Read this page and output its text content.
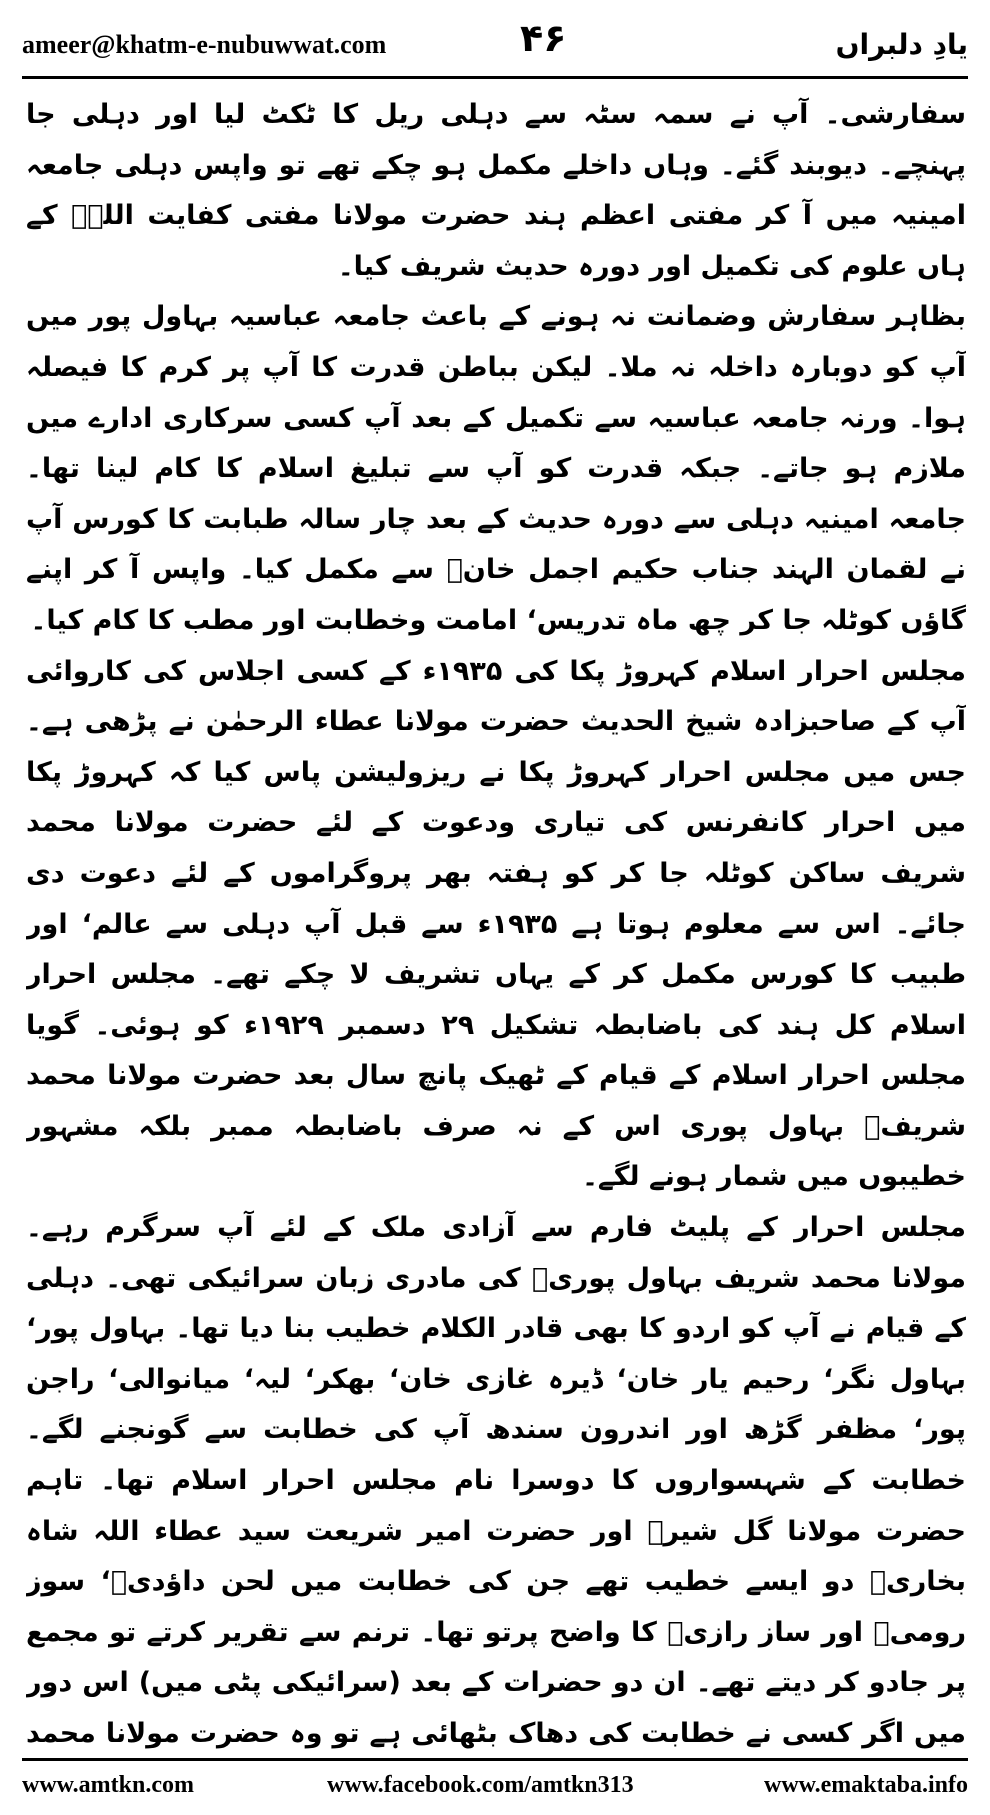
ameer@khatm-e-nubuwwat.com	۴۶	یادِ دلبراں

سفارشی۔ آپ نے سمہ سٹہ سے دہلی ریل کا ٹکٹ لیا اور دہلی جا پہنچے۔ دیوبند گئے۔ وہاں داخلے مکمل ہو چکے تھے تو واپس دہلی جامعہ امینیہ میں آ کر مفتی اعظم ہند حضرت مولانا مفتی کفایت اللہؒ کے ہاں علوم کی تکمیل اور دورہ حدیث شریف کیا۔

بظاہر سفارش وضمانت نہ ہونے کے باعث جامعہ عباسیہ بہاول پور میں آپ کو دوبارہ داخلہ نہ ملا۔ لیکن بباطن قدرت کا آپ پر کرم کا فیصلہ ہوا۔ ورنہ جامعہ عباسیہ سے تکمیل کے بعد آپ کسی سرکاری ادارے میں ملازم ہو جاتے۔ جبکہ قدرت کو آپ سے تبلیغ اسلام کا کام لینا تھا۔ جامعہ امینیہ دہلی سے دورہ حدیث کے بعد چار سالہ طبابت کا کورس آپ نے لقمان الہند جناب حکیم اجمل خانؒ سے مکمل کیا۔ واپس آ کر اپنے گاؤں کوٹلہ جا کر چھ ماہ تدریس‘ امامت وخطابت اور مطب کا کام کیا۔

مجلس احرار اسلام کہروڑ پکا کی ۱۹۳۵ء کے کسی اجلاس کی کاروائی آپ کے صاحبزادہ شیخ الحدیث حضرت مولانا عطاء الرحمٰن نے پڑھی ہے۔ جس میں مجلس احرار کہروڑ پکا نے ریزولیشن پاس کیا کہ کہروڑ پکا میں احرار کانفرنس کی تیاری ودعوت کے لئے حضرت مولانا محمد شریف ساکن کوٹلہ جا کر کو ہفتہ بھر پروگراموں کے لئے دعوت دی جائے۔ اس سے معلوم ہوتا ہے ۱۹۳۵ء سے قبل آپ دہلی سے عالم‘ اور طبیب کا کورس مکمل کر کے یہاں تشریف لا چکے تھے۔ مجلس احرار اسلام کل ہند کی باضابطہ تشکیل ۲۹ دسمبر ۱۹۲۹ء کو ہوئی۔ گویا مجلس احرار اسلام کے قیام کے ٹھیک پانچ سال بعد حضرت مولانا محمد شریفؒ بہاول پوری اس کے نہ صرف باضابطہ ممبر بلکہ مشہور خطیبوں میں شمار ہونے لگے۔

مجلس احرار کے پلیٹ فارم سے آزادی ملک کے لئے آپ سرگرم رہے۔ مولانا محمد شریف بہاول پوریؒ کی مادری زبان سرائیکی تھی۔ دہلی کے قیام نے آپ کو اردو کا بھی قادر الکلام خطیب بنا دیا تھا۔ بہاول پور‘ بہاول نگر‘ رحیم یار خان‘ ڈیرہ غازی خان‘ بھکر‘ لیہ‘ میانوالی‘ راجن پور‘ مظفر گڑھ اور اندرون سندھ آپ کی خطابت سے گونجنے لگے۔ خطابت کے شہسواروں کا دوسرا نام مجلس احرار اسلام تھا۔ تاہم حضرت مولانا گل شیرؒ اور حضرت امیر شریعت سید عطاء اللہ شاہ بخاریؒ دو ایسے خطیب تھے جن کی خطابت میں لحن داؤدیؑ‘ سوز رومیؒ اور ساز رازیؒ کا واضح پرتو تھا۔ ترنم سے تقریر کرتے تو مجمع پر جادو کر دیتے تھے۔ ان دو حضرات کے بعد (سرائیکی پٹی میں) اس دور میں اگر کسی نے خطابت کی دھاک بٹھائی ہے تو وہ حضرت مولانا محمد

www.amtkn.com	www.facebook.com/amtkn313	www.emaktaba.info
